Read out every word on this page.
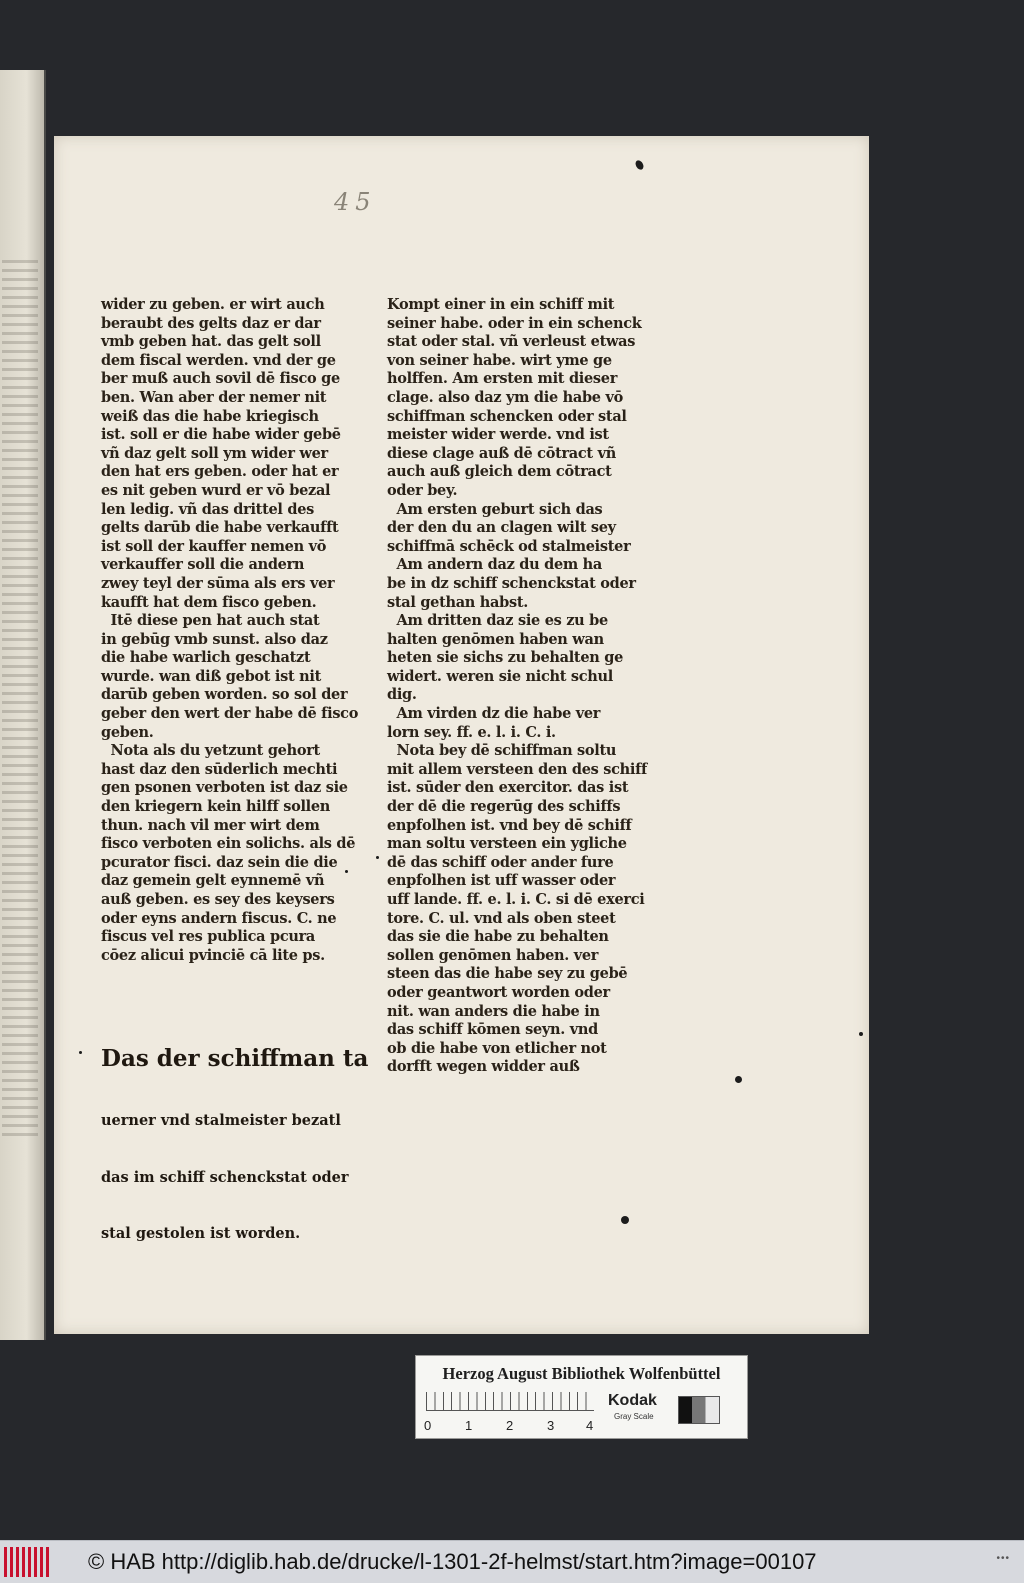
45
wider zu geben. er wirt auch
beraubt des gelts daz er dar
vmb geben hat. das gelt soll
dem fiscal werden. vnd der ge
ber muß auch sovil dē fisco ge
ben. Wan aber der nemer nit
weiß das die habe kriegisch
ist. soll er die habe wider gebē
vñ daz gelt soll ym wider wer
den hat ers geben. oder hat er
es nit geben wurd er vō bezal
len ledig. vñ das drittel des
gelts darūb die habe verkaufft
ist soll der kauffer nemen vō
verkauffer soll die andern
zwey teyl der sūma als ers ver
kaufft hat dem fisco geben.
Itē diese pen hat auch stat
in gebūg vmb sunst. also daz
die habe warlich geschatzt
wurde. wan diß gebot ist nit
darūb geben worden. so sol der
geber den wert der habe dē fisco
geben.
Nota als du yetzunt gehort
hast daz den sūderlich mechti
gen psonen verboten ist daz sie
den kriegern kein hilff sollen
thun. nach vil mer wirt dem
fisco verboten ein solichs. als dē
pcurator fisci. daz sein die die
daz gemein gelt eynnemē vñ
auß geben. es sey des keysers
oder eyns andern fiscus. C. ne
fiscus vel res publica pcura
cōez alicui pvinciē cā lite ps.

Das der schiffman ta

uerner vnd stalmeister bezatl

das im schiff schenckstat oder

stal gestolen ist worden.

Kompt einer in ein schiff mit
seiner habe. oder in ein schenck
stat oder stal. vñ verleust etwas
von seiner habe. wirt yme ge
holffen. Am ersten mit dieser
clage. also daz ym die habe vō
schiffman schencken oder stal
meister wider werde. vnd ist
diese clage auß dē cōtract vñ
auch auß gleich dem cōtract
oder bey.
Am ersten geburt sich das
der den du an clagen wilt sey
schiffmā schēck od stalmeister
Am andern daz du dem ha
be in dz schiff schenckstat oder
stal gethan habst.
Am dritten daz sie es zu be
halten genōmen haben wan
heten sie sichs zu behalten ge
widert. weren sie nicht schul
dig.
Am virden dz die habe ver
lorn sey. ff. e. l. i. C. i.
Nota bey dē schiffman soltu
mit allem versteen den des schiff
ist. sūder den exercitor. das ist
der dē die regerūg des schiffs
enpfolhen ist. vnd bey dē schiff
man soltu versteen ein ygliche
dē das schiff oder ander fure
enpfolhen ist uff wasser oder
uff lande. ff. e. l. i. C. si dē exerci
tore. C. ul. vnd als oben steet
das sie die habe zu behalten
sollen genōmen haben. ver
steen das die habe sey zu gebē
oder geantwort worden oder
nit. wan anders die habe in
das schiff kōmen seyn. vnd
ob die habe von etlicher not
dorfft wegen widder auß
Herzog August Bibliothek Wolfenbüttel
0	1	2	3 4
Kodak
Gray Scale
© HAB http://diglib.hab.de/drucke/l-1301-2f-helmst/start.htm?image=00107	•••
